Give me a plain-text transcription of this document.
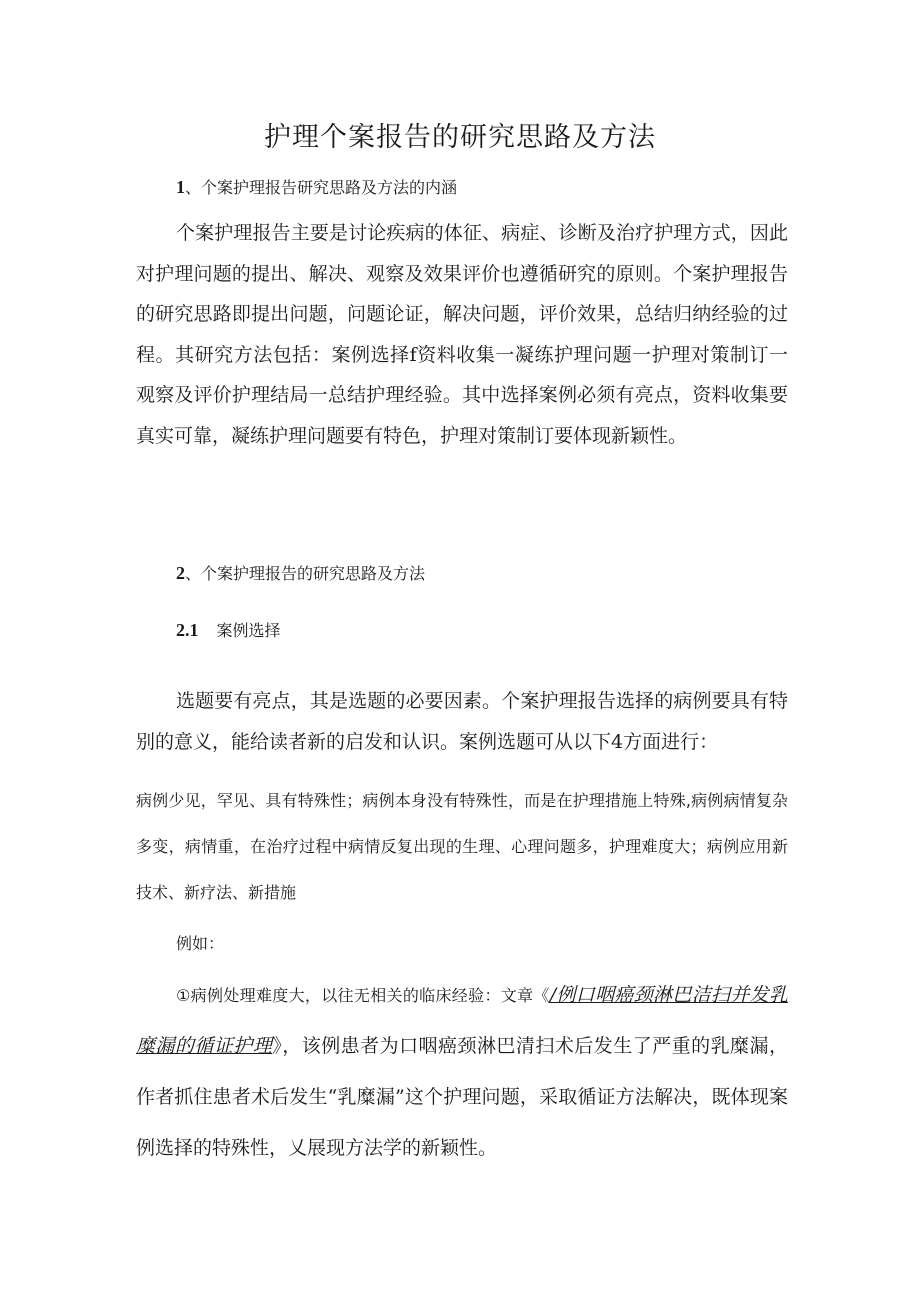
护理个案报告的研究思路及方法
1、个案护理报告研究思路及方法的内涵

个案护理报告主要是讨论疾病的体征、病症、诊断及治疗护理方式，因此对护理问题的提出、解决、观察及效果评价也遵循研究的原则。个案护理报告的研究思路即提出问题，问题论证，解决问题，评价效果，总结归纳经验的过程。其研究方法包括：案例选择f资料收集一凝练护理问题一护理对策制订一观察及评价护理结局一总结护理经验。其中选择案例必须有亮点，资料收集要真实可靠，凝练护理问题要有特色，护理对策制订要体现新颖性。

2、个案护理报告的研究思路及方法
2.1 案例选择

选题要有亮点，其是选题的必要因素。个案护理报告选择的病例要具有特别的意义，能给读者新的启发和认识。案例选题可从以下4方面进行：

病例少见，罕见、具有特殊性；病例本身没有特殊性，而是在护理措施上特殊,病例病情复杂多变，病情重，在治疗过程中病情反复出现的生理、心理问题多，护理难度大；病例应用新技术、新疗法、新措施

例如：

①病例处理难度大，以往无相关的临床经验：文章《/例口咽癌颈淋巴洁扫并发乳糜漏的循证护理》，该例患者为口咽癌颈淋巴清扫术后发生了严重的乳糜漏，作者抓住患者术后发生“乳糜漏”这个护理问题，采取循证方法解决，既体现案例选择的特殊性，乂展现方法学的新颖性。
